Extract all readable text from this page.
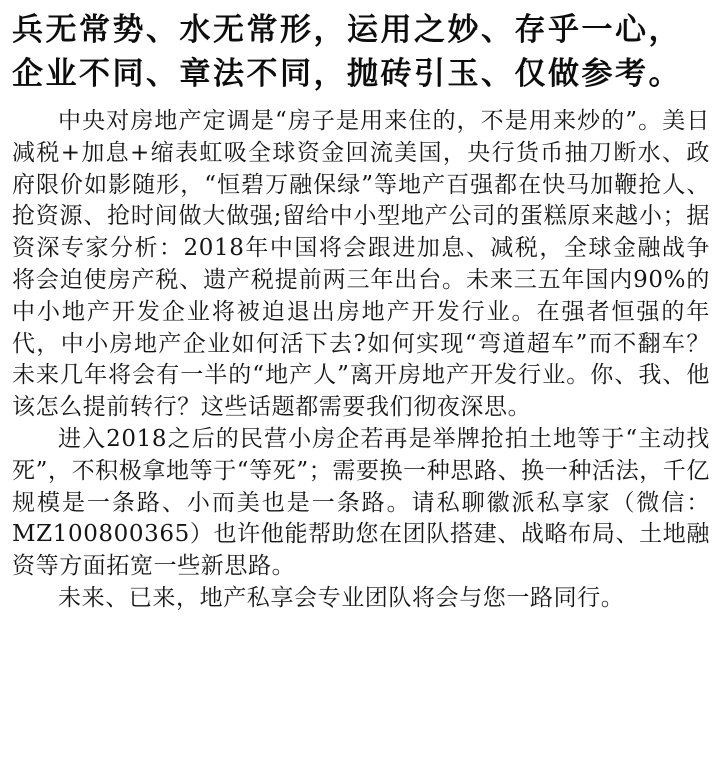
兵无常势、水无常形，运用之妙、存乎一心，
企业不同、章法不同，抛砖引玉、仅做参考。

中央对房地产定调是“房子是用来住的，不是用来炒的”。美日减税+加息+缩表虹吸全球资金回流美国，央行货币抽刀断水、政府限价如影随形，“恒碧万融保绿”等地产百强都在快马加鞭抢人、抢资源、抢时间做大做强;留给中小型地产公司的蛋糕原来越小；据资深专家分析：2018年中国将会跟进加息、减税，全球金融战争将会迫使房产税、遗产税提前两三年出台。未来三五年国内90%的中小地产开发企业将被迫退出房地产开发行业。在强者恒强的年代，中小房地产企业如何活下去?如何实现“弯道超车”而不翻车？未来几年将会有一半的“地产人”离开房地产开发行业。你、我、他该怎么提前转行？这些话题都需要我们彻夜深思。

进入2018之后的民营小房企若再是举牌抢拍土地等于“主动找死”，不积极拿地等于“等死”；需要换一种思路、换一种活法，千亿规模是一条路、小而美也是一条路。请私聊徽派私享家（微信：MZ100800365）也许他能帮助您在团队搭建、战略布局、土地融资等方面拓宽一些新思路。

未来、已来，地产私享会专业团队将会与您一路同行。
